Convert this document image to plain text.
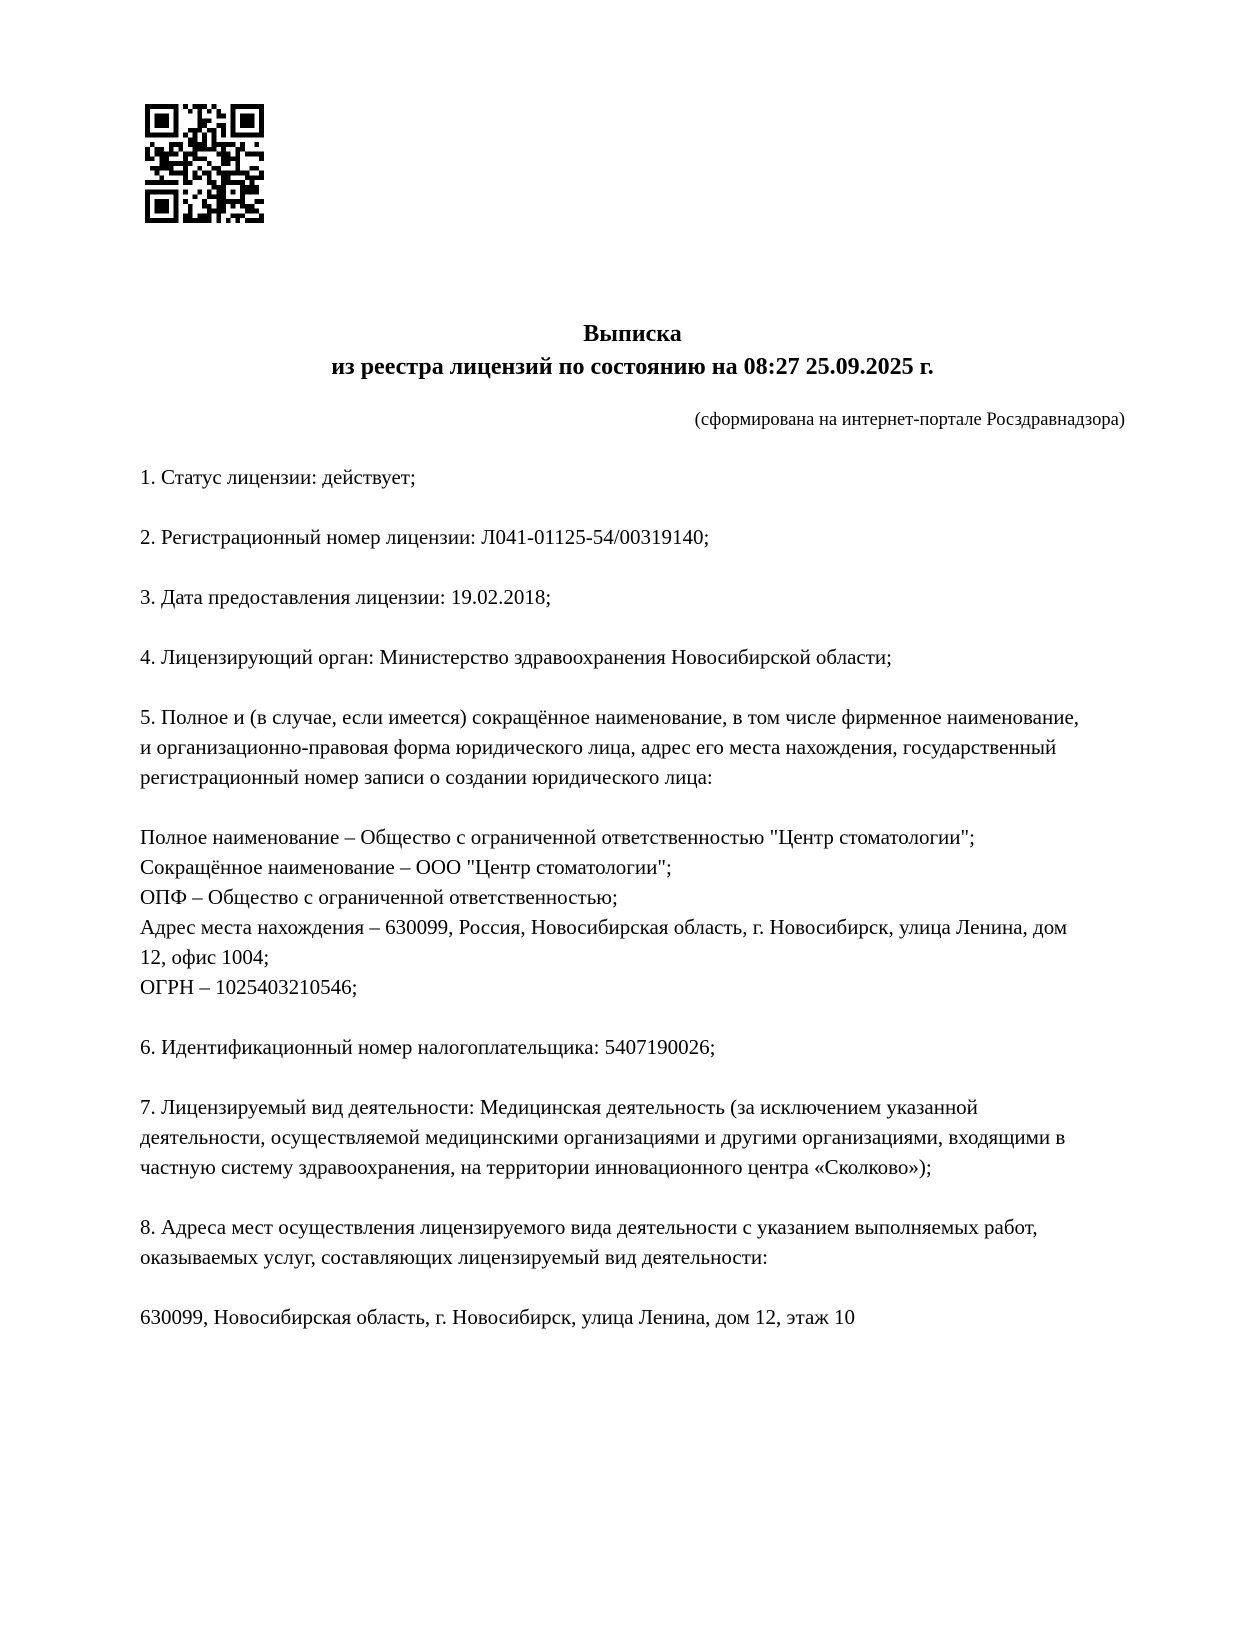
Выписка
из реестра лицензий по состоянию на 08:27 25.09.2025 г.
(сформирована на интернет-портале Росздравнадзора)

1. Статус лицензии: действует;

2. Регистрационный номер лицензии: Л041-01125-54/00319140;

3. Дата предоставления лицензии: 19.02.2018;

4. Лицензирующий орган: Министерство здравоохранения Новосибирской области;

5. Полное и (в случае, если имеется) сокращённое наименование, в том числе фирменное наименование, и организационно-правовая форма юридического лица, адрес его места нахождения, государственный регистрационный номер записи о создании юридического лица:

Полное наименование – Общество с ограниченной ответственностью "Центр стоматологии";
Сокращённое наименование – ООО "Центр стоматологии";
ОПФ – Общество с ограниченной ответственностью;
Адрес места нахождения – 630099, Россия, Новосибирская область, г. Новосибирск, улица Ленина, дом 12, офис 1004;
ОГРН – 1025403210546;

6. Идентификационный номер налогоплательщика: 5407190026;

7. Лицензируемый вид деятельности: Медицинская деятельность (за исключением указанной деятельности, осуществляемой медицинскими организациями и другими организациями, входящими в частную систему здравоохранения, на территории инновационного центра «Сколково»);

8. Адреса мест осуществления лицензируемого вида деятельности с указанием выполняемых работ, оказываемых услуг, составляющих лицензируемый вид деятельности:

630099, Новосибирская область, г. Новосибирск, улица Ленина, дом 12, этаж 10
